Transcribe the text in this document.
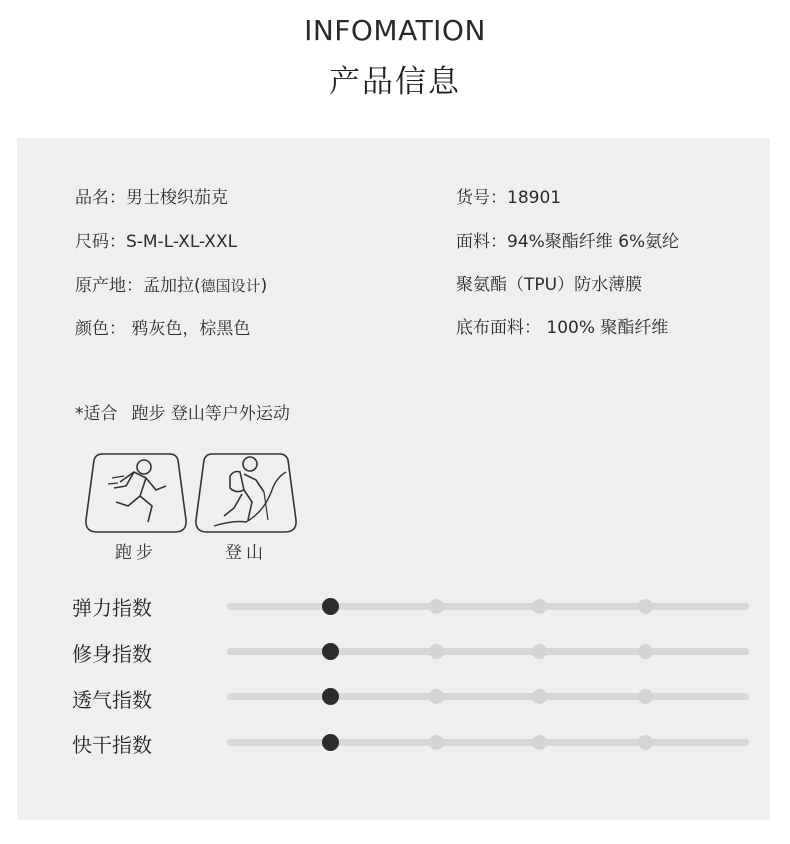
INFOMATION
产品信息
品名：男士梭织茄克
尺码：S-M-L-XL-XXL
原产地：孟加拉(德国设计)
颜色： 鸦灰色，棕黑色
货号：18901
面料：94%聚酯纤维 6%氨纶
聚氨酯（TPU）防水薄膜
底布面料： 100% 聚酯纤维
*适合 跑步 登山等户外运动
跑步	登山
弹力指数
修身指数
透气指数
快干指数
